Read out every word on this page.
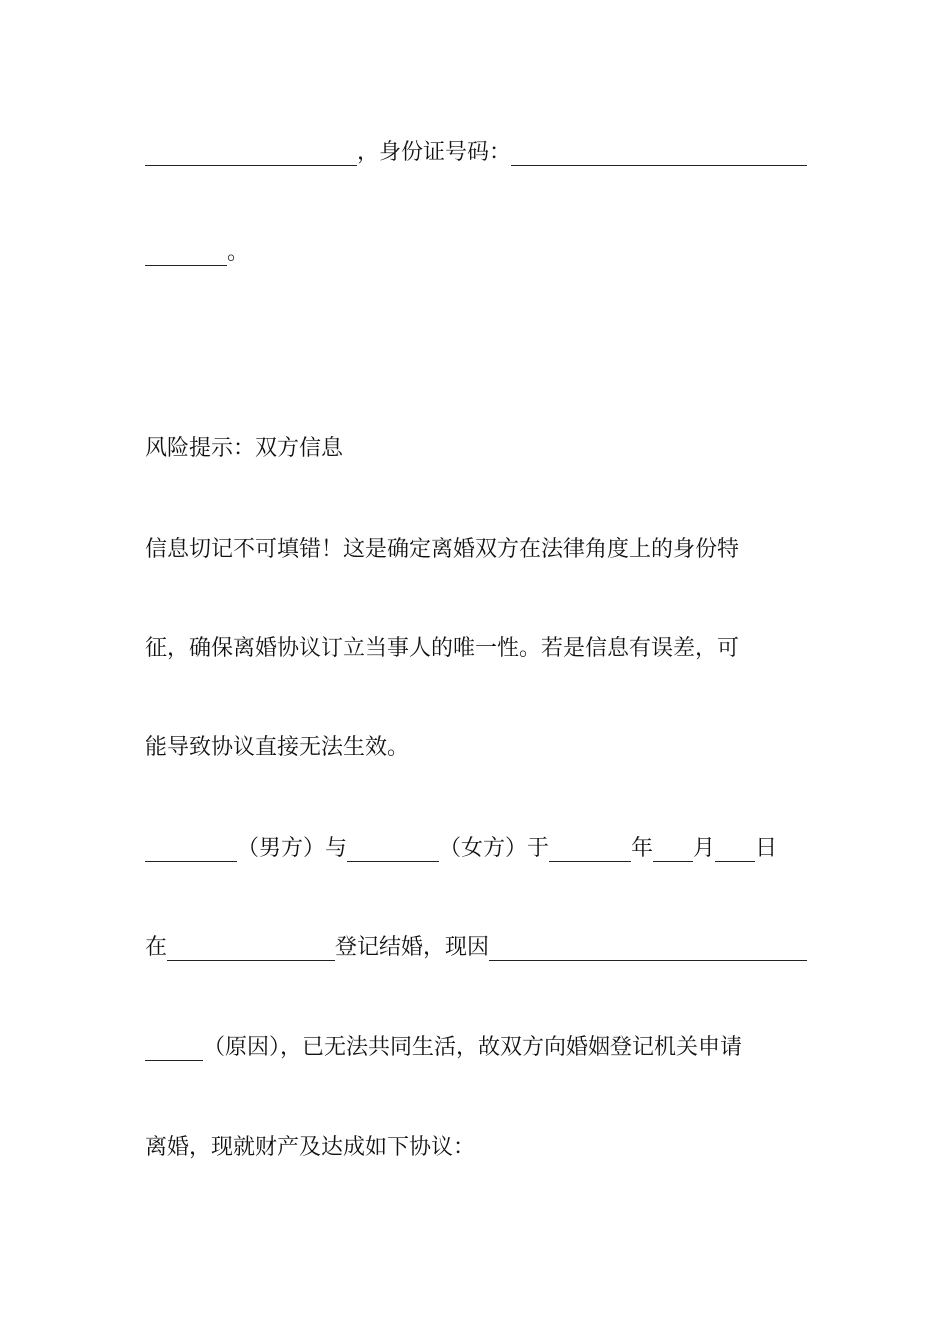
，身份证号码：
。
风险提示：双方信息
信息切记不可填错！这是确定离婚双方在法律角度上的身份特
征，确保离婚协议订立当事人的唯一性。若是信息有误差，可
能导致协议直接无法生效。
（男方）与	（女方）于	年 月 日
在	登记结婚，现因
（原因），已无法共同生活，故双方向婚姻登记机关申请
离婚，现就财产及达成如下协议：
